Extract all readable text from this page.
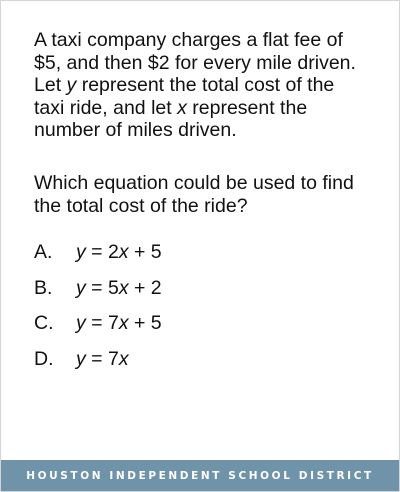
A taxi company charges a flat fee of
$5, and then $2 for every mile driven.
Let y represent the total cost of the
taxi ride, and let x represent the
number of miles driven.

Which equation could be used to find
the total cost of the ride?

A.	y = 2x + 5
B.	y = 5x + 2
C.	y = 7x + 5
D.	y = 7x
HOUSTON INDEPENDENT SCHOOL DISTRICT
